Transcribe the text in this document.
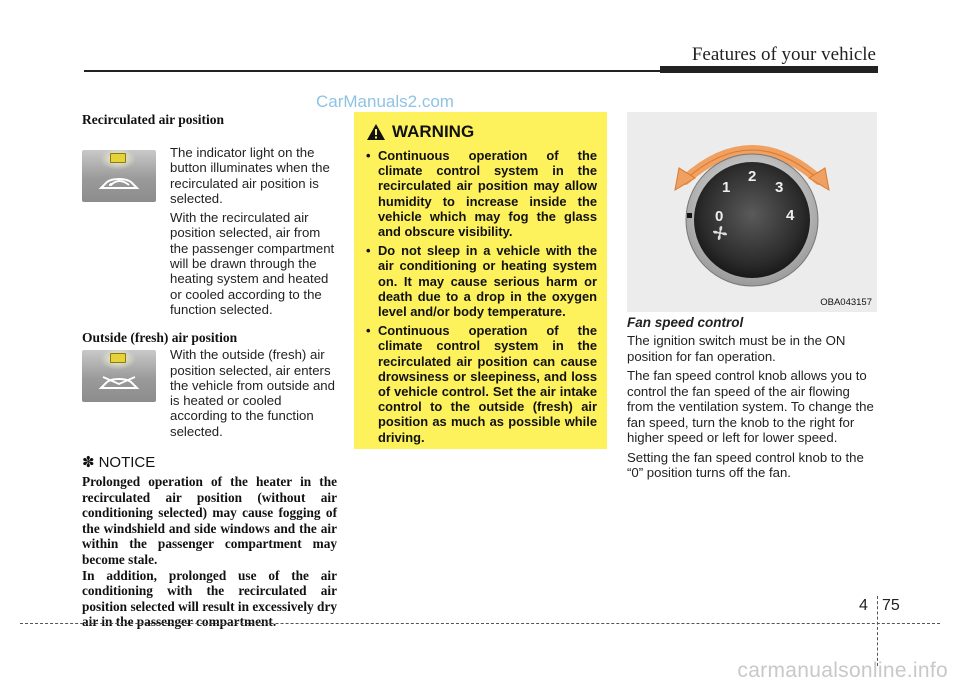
Features of your vehicle
CarManuals2.com
Recirculated air position

The indicator light on the button illuminates when the recirculated air position is selected.

With the recirculated air position selected, air from the passenger compartment will be drawn through the heating system and heated or cooled according to the function selected.

Outside (fresh) air position

With the outside (fresh) air position selected, air enters the vehicle from outside and is heated or cooled according to the function selected.

✽ NOTICE
Prolonged operation of the heater in the recirculated air position (without air conditioning selected) may cause fogging of the windshield and side windows and the air within the passenger compartment may become stale.
In addition, prolonged use of the air conditioning with the recirculated air position selected will result in excessively dry air in the passenger compartment.
WARNING
• Continuous operation of the climate control system in the recirculated air position may allow humidity to increase inside the vehicle which may fog the glass and obscure visibility.
• Do not sleep in a vehicle with the air conditioning or heating system on. It may cause serious harm or death due to a drop in the oxygen level and/or body temperature.
• Continuous operation of the climate control system in the recirculated air position can cause drowsiness or sleepiness, and loss of vehicle control. Set the air intake control to the outside (fresh) air position as much as possible while driving.
0
1
2
3
4
OBA043157
Fan speed control

The ignition switch must be in the ON position for fan operation.

The fan speed control knob allows you to control the fan speed of the air flowing from the ventilation system. To change the fan speed, turn the knob to the right for higher speed or left for lower speed.

Setting the fan speed control knob to the “0” position turns off the fan.

4 75
carmanualsonline.info
